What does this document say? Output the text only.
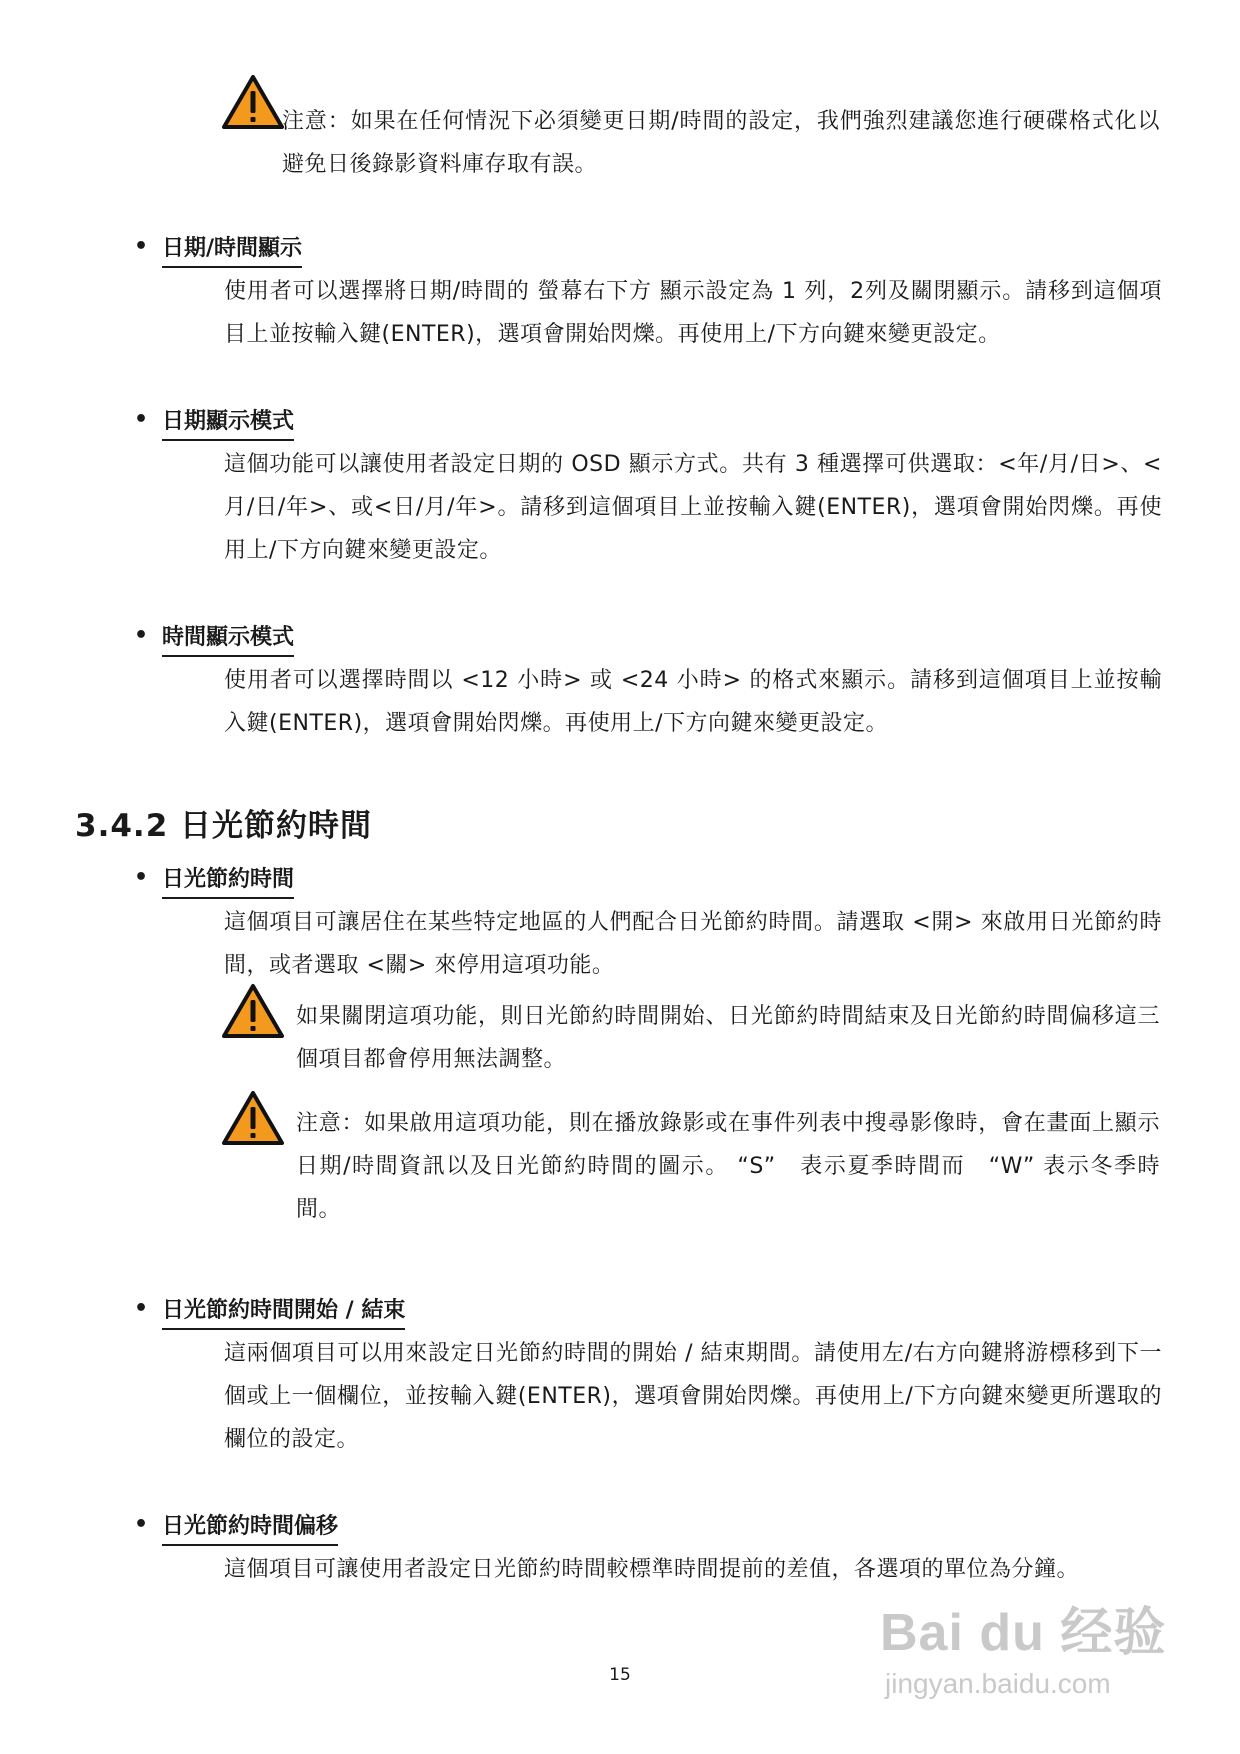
注意：如果在任何情況下必須變更日期/時間的設定，我們強烈建議您進行硬碟格式化以避免日後錄影資料庫存取有誤。

• 日期/時間顯示

使用者可以選擇將日期/時間的 螢幕右下方 顯示設定為 1 列，2列及關閉顯示。請移到這個項目上並按輸入鍵(ENTER)，選項會開始閃爍。再使用上/下方向鍵來變更設定。

• 日期顯示模式

這個功能可以讓使用者設定日期的 OSD 顯示方式。共有 3 種選擇可供選取：<年/月/日>、<月/日/年>、或<日/月/年>。請移到這個項目上並按輸入鍵(ENTER)，選項會開始閃爍。再使用上/下方向鍵來變更設定。

• 時間顯示模式

使用者可以選擇時間以 <12 小時> 或 <24 小時> 的格式來顯示。請移到這個項目上並按輸入鍵(ENTER)，選項會開始閃爍。再使用上/下方向鍵來變更設定。

3.4.2 日光節約時間
• 日光節約時間

這個項目可讓居住在某些特定地區的人們配合日光節約時間。請選取 <開> 來啟用日光節約時間，或者選取 <關> 來停用這項功能。

如果關閉這項功能，則日光節約時間開始、日光節約時間結束及日光節約時間偏移這三個項目都會停用無法調整。

注意：如果啟用這項功能，則在播放錄影或在事件列表中搜尋影像時，會在畫面上顯示日期/時間資訊以及日光節約時間的圖示。 “S”　表示夏季時間而　“W” 表示冬季時間。

• 日光節約時間開始 / 結束

這兩個項目可以用來設定日光節約時間的開始 / 結束期間。請使用左/右方向鍵將游標移到下一個或上一個欄位，並按輸入鍵(ENTER)，選項會開始閃爍。再使用上/下方向鍵來變更所選取的欄位的設定。

• 日光節約時間偏移

這個項目可讓使用者設定日光節約時間較標準時間提前的差值，各選項的單位為分鐘。

Bai du 经验
jingyan.baidu.com
15
